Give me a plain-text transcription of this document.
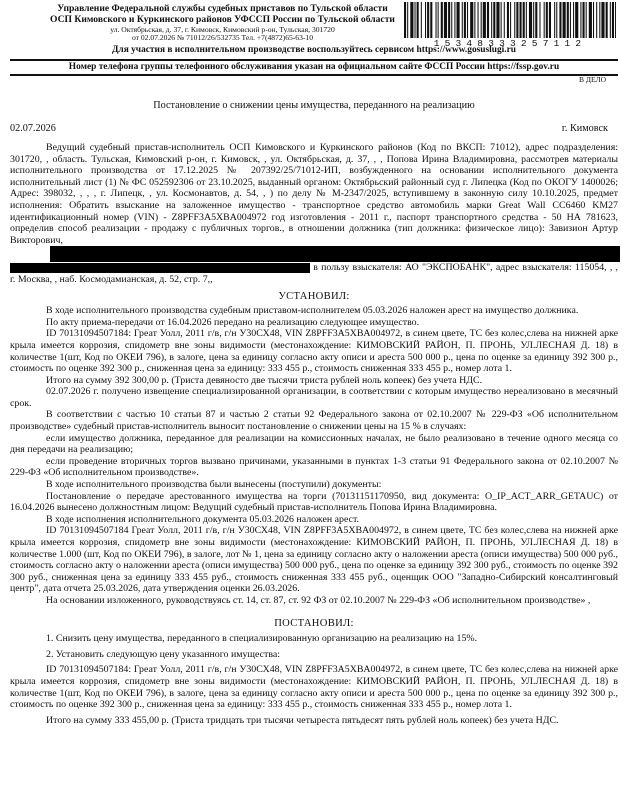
Управление Федеральной службы судебных приставов по Тульской области
ОСП Кимовского и Куркинского районов УФССП России по Тульской области
ул. Октябрьская, д. 37, г. Кимовск, Кимовский р-он, Тульская, 301720
от 02.07.2026 № 71012/26/532735 Тел. +7(4872)65-63-10
15348333257112
Для участия в исполнительном производстве воспользуйтесь сервисом https://www.gosuslugi.ru
Номер телефона группы телефонного обслуживания указан на официальном сайте ФССП России https://fssp.gov.ru
В ДЕЛО
Постановление о снижении цены имущества, переданного на реализацию
02.07.2026	г. Кимовск

Ведущий судебный пристав-исполнитель ОСП Кимовского и Куркинского районов (Код по ВКСП: 71012), адрес подразделения: 301720, , область. Тульская, Кимовский р-он, г. Кимовск, , ул. Октябрьская, д. 37, , , Попова Ирина Владимировна, рассмотрев материалы исполнительного производства от 17.12.2025 № 207392/25/71012-ИП, возбужденного на основании исполнительного документа исполнительный лист (1) № ФС 052592306 от 23.10.2025, выданный органом: Октябрьский районный суд г. Липецка (Код по ОКОГУ 1400026; Адрес: 398032, , , , г. Липецк, , ул. Космонавтов, д. 54, , ) по делу № М-2347/2025, вступившему в законную силу 10.10.2025, предмет исполнения: Обратить взыскание на заложенное имущество - транспортное средство автомобиль марки Great Wall CC6460 KM27 идентификационный номер (VIN) - Z8PFF3A5XBA004972 год изготовления - 2011 г., паспорт транспортного средства - 50 НА 781623, определив способ реализации - продажу с публичных торгов., в отношении должника (тип должника: физическое лицо): Завизион Артур Викторович,

в пользу взыскателя: АО "ЭКСПОБАНК", адрес взыскателя: 115054, , , г. Москва, , наб. Космодамианская, д. 52, стр. 7,,

УСТАНОВИЛ:

В ходе исполнительного производства судебным приставом-исполнителем 05.03.2026 наложен арест на имущество должника.

По акту приема-передачи от 16.04.2026 передано на реализацию следующее имущество.

ID 70131094507184: Греат Уолл, 2011 г/в, г/н У30СХ48, VIN Z8PFF3A5XBA004972, в синем цвете, ТС без колес,слева на нижней арке крыла имеется коррозия, спидометр вне зоны видимости (местонахождение: КИМОВСКИЙ РАЙОН, П. ПРОНЬ, УЛ.ЛЕСНАЯ Д. 18) в количестве 1(шт, Код по ОКЕИ 796), в залоге, цена за единицу согласно акту описи и ареста 500 000 р., цена по оценке за единицу 392 300 р., стоимость по оценке 392 300 р., сниженная цена за единицу: 333 455 р., стоимость сниженная 333 455 р., номер лота 1.

Итого на сумму 392 300,00 р. (Триста девяносто две тысячи триста рублей ноль копеек) без учета НДС.

02.07.2026 г. получено извещение специализированной организации, в соответствии с которым имущество нереализовано в месячный срок.

В соответствии с частью 10 статьи 87 и частью 2 статьи 92 Федерального закона от 02.10.2007 № 229-ФЗ «Об исполнительном производстве» судебный пристав-исполнитель выносит постановление о снижении цены на 15 % в случаях:

если имущество должника, переданное для реализации на комиссионных началах, не было реализовано в течение одного месяца со дня передачи на реализацию;

если проведение вторичных торгов вызвано причинами, указанными в пунктах 1-3 статьи 91 Федерального закона от 02.10.2007 № 229-ФЗ «Об исполнительном производстве».

В ходе исполнительного производства были вынесены (поступили) документы:

Постановление о передаче арестованного имущества на торги (70131151170950, вид документа: O_IP_ACT_ARR_GETAUC) от 16.04.2026 вынесено должностным лицом: Ведущий судебный пристав-исполнитель Попова Ирина Владимировна.

В ходе исполнения исполнительного документа 05.03.2026 наложен арест.

ID 70131094507184 Греат Уолл, 2011 г/в, г/н У30СХ48, VIN Z8PFF3A5XBA004972, в синем цвете, ТС без колес,слева на нижней арке крыла имеется коррозия, спидометр вне зоны видимости (местонахождение: КИМОВСКИЙ РАЙОН, П. ПРОНЬ, УЛ.ЛЕСНАЯ Д. 18) в количестве 1.000 (шт, Код по ОКЕИ 796), в залоге, лот № 1, цена за единицу согласно акту о наложении ареста (описи имущества) 500 000 руб., стоимость согласно акту о наложении ареста (описи имущества) 500 000 руб., цена по оценке за единицу 392 300 руб., стоимость по оценке 392 300 руб., сниженная цена за единицу 333 455 руб., стоимость сниженная 333 455 руб., оценщик ООО "Западно-Сибирский консалтинговый центр", дата отчета 25.03.2026, дата утверждения оценки 26.03.2026.

На основании изложенного, руководствуясь ст. 14, ст. 87, ст. 92 ФЗ от 02.10.2007 № 229-ФЗ «Об исполнительном производстве» ,

ПОСТАНОВИЛ:

1. Снизить цену имущества, переданного в специализированную организацию на реализацию на 15%.

2. Установить следующую цену указанного имущества:

ID 70131094507184: Греат Уолл, 2011 г/в, г/н У30СХ48, VIN Z8PFF3A5XBA004972, в синем цвете, ТС без колес,слева на нижней арке крыла имеется коррозия, спидометр вне зоны видимости (местонахождение: КИМОВСКИЙ РАЙОН, П. ПРОНЬ, УЛ.ЛЕСНАЯ Д. 18) в количестве 1(шт, Код по ОКЕИ 796), в залоге, цена за единицу согласно акту описи и ареста 500 000 р., цена по оценке за единицу 392 300 р., стоимость по оценке 392 300 р., сниженная цена за единицу: 333 455 р., стоимость сниженная 333 455 р., номер лота 1.

Итого на сумму 333 455,00 р. (Триста тридцать три тысячи четыреста пятьдесят пять рублей ноль копеек) без учета НДС.
